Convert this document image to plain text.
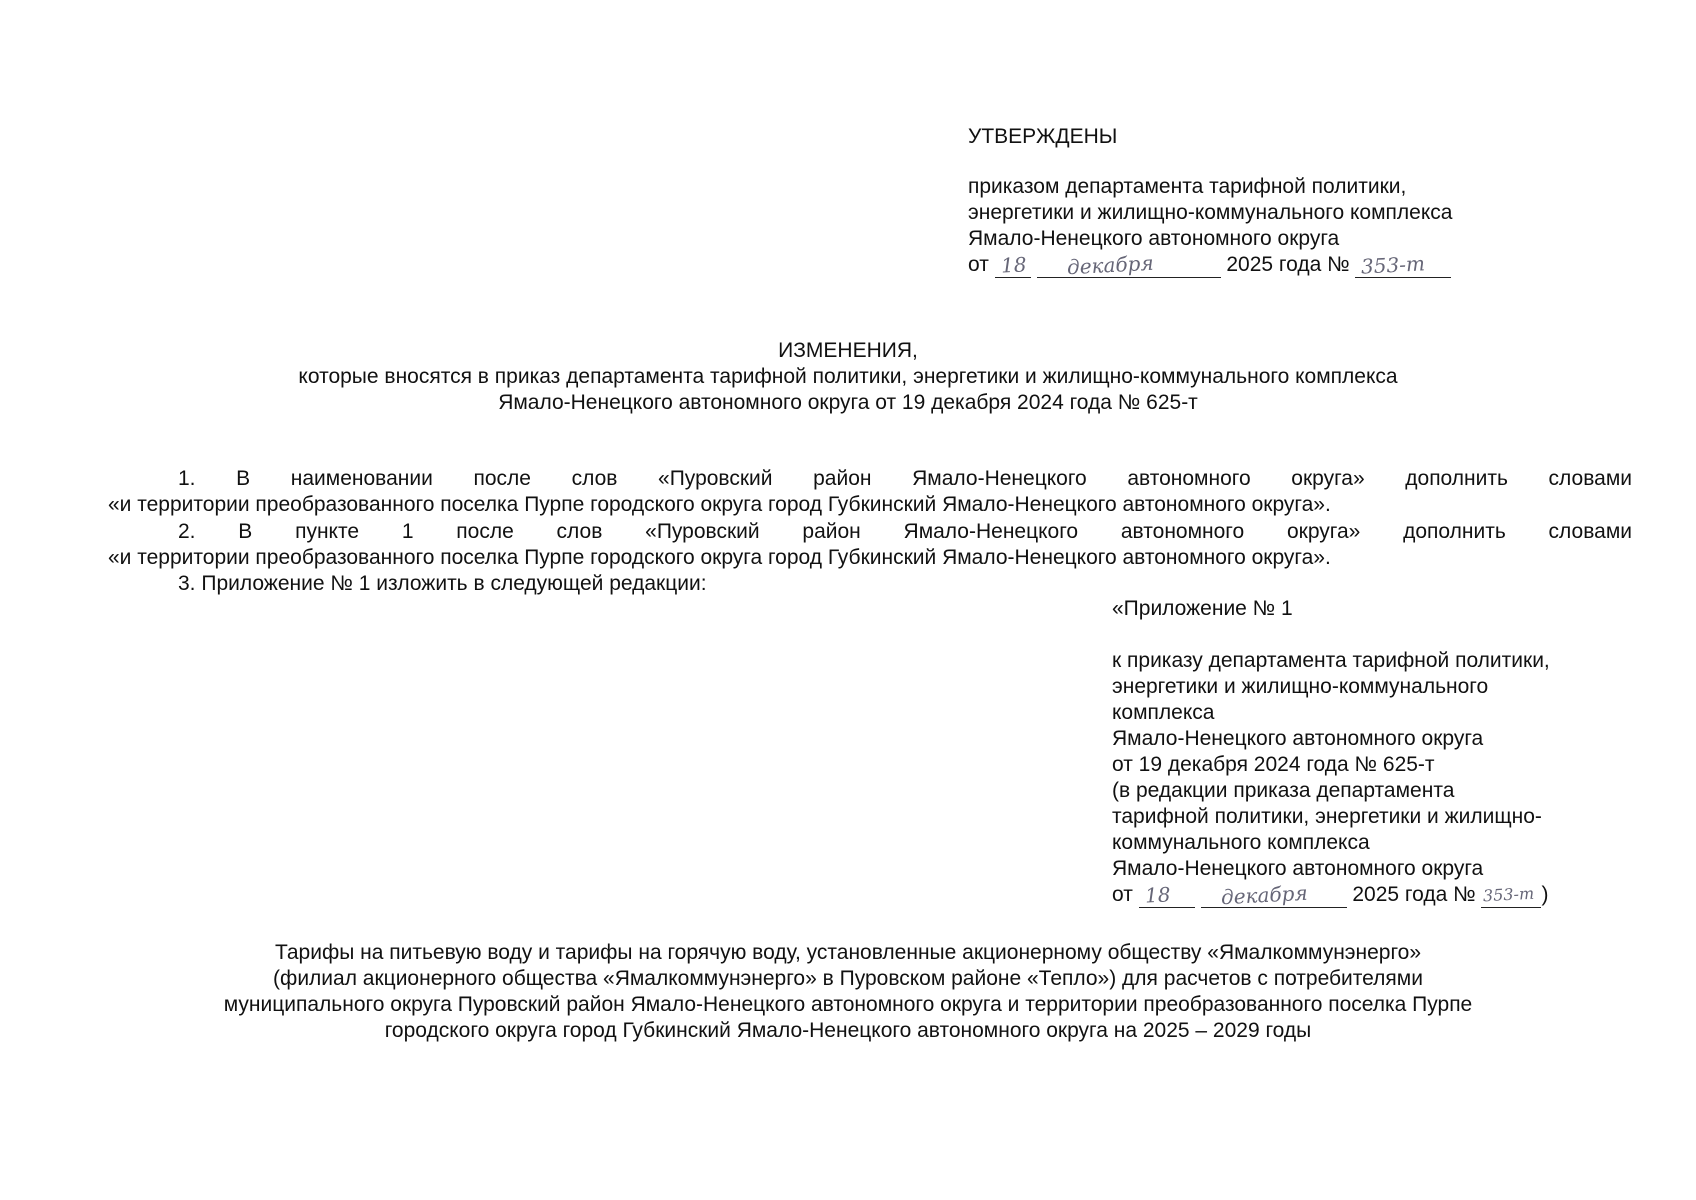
УТВЕРЖДЕНЫ
приказом департамента тарифной политики,
энергетики и жилищно-коммунального комплекса
Ямало-Ненецкого автономного округа
от 18
декабря	2025 года № 353-т
ИЗМЕНЕНИЯ,
которые вносятся в приказ департамента тарифной политики, энергетики и жилищно-коммунального комплекса
Ямало-Ненецкого автономного округа от 19 декабря 2024 года № 625-т
1. В наименовании после слов «Пуровский район Ямало-Ненецкого автономного округа» дополнить словами
«и территории преобразованного поселка Пурпе городского округа город Губкинский Ямало-Ненецкого автономного округа».
2. В пункте 1 после слов «Пуровский район Ямало-Ненецкого автономного округа» дополнить словами
«и территории преобразованного поселка Пурпе городского округа город Губкинский Ямало-Ненецкого автономного округа».
3. Приложение № 1 изложить в следующей редакции:
«Приложение № 1
к приказу департамента тарифной политики,
энергетики и жилищно-коммунального
комплекса
Ямало-Ненецкого автономного округа
от 19 декабря 2024 года № 625-т
(в редакции приказа департамента
тарифной политики, энергетики и жилищно-
коммунального комплекса
Ямало-Ненецкого автономного округа
от 18
декабря 2025 года № 353-т )
Тарифы на питьевую воду и тарифы на горячую воду, установленные акционерному обществу «Ямалкоммунэнерго»
(филиал акционерного общества «Ямалкоммунэнерго» в Пуровском районе «Тепло») для расчетов с потребителями
муниципального округа Пуровский район Ямало-Ненецкого автономного округа и территории преобразованного поселка Пурпе
городского округа город Губкинский Ямало-Ненецкого автономного округа на 2025 – 2029 годы
